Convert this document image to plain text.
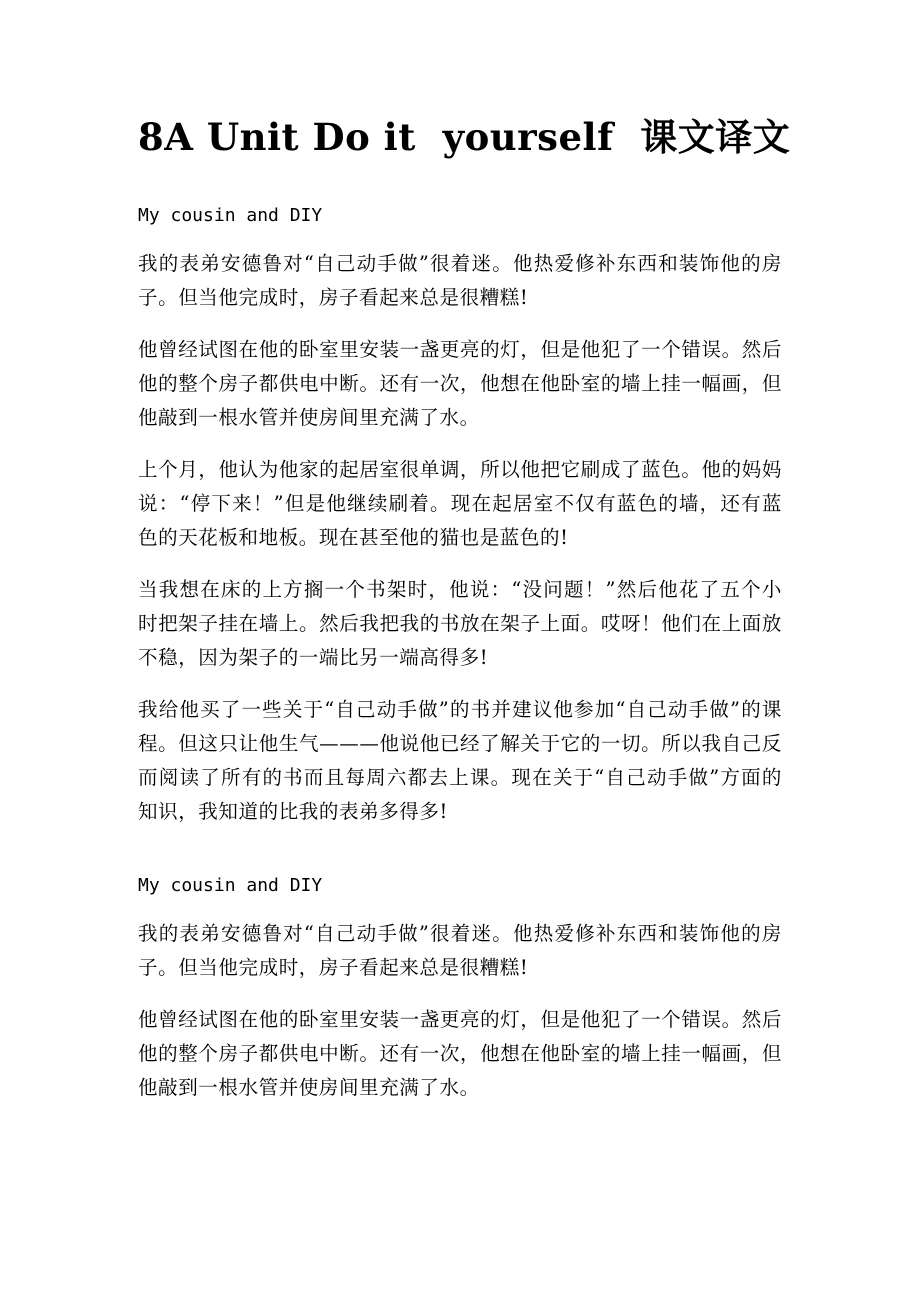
8A Unit Do it  yourself  课文译文

My cousin and DIY

我的表弟安德鲁对“自己动手做”很着迷。他热爱修补东西和装饰他的房子。但当他完成时，房子看起来总是很糟糕!

他曾经试图在他的卧室里安装一盏更亮的灯，但是他犯了一个错误。然后他的整个房子都供电中断。还有一次，他想在他卧室的墙上挂一幅画，但他敲到一根水管并使房间里充满了水。

上个月，他认为他家的起居室很单调，所以他把它刷成了蓝色。他的妈妈说：“停下来！”但是他继续刷着。现在起居室不仅有蓝色的墙，还有蓝色的天花板和地板。现在甚至他的猫也是蓝色的!

当我想在床的上方搁一个书架时，他说：“没问题！”然后他花了五个小时把架子挂在墙上。然后我把我的书放在架子上面。哎呀！他们在上面放不稳，因为架子的一端比另一端高得多!

我给他买了一些关于“自己动手做”的书并建议他参加“自己动手做”的课程。但这只让他生气———他说他已经了解关于它的一切。所以我自己反而阅读了所有的书而且每周六都去上课。现在关于“自己动手做”方面的知识，我知道的比我的表弟多得多!

My cousin and DIY

我的表弟安德鲁对“自己动手做”很着迷。他热爱修补东西和装饰他的房子。但当他完成时，房子看起来总是很糟糕!

他曾经试图在他的卧室里安装一盏更亮的灯，但是他犯了一个错误。然后他的整个房子都供电中断。还有一次，他想在他卧室的墙上挂一幅画，但他敲到一根水管并使房间里充满了水。
